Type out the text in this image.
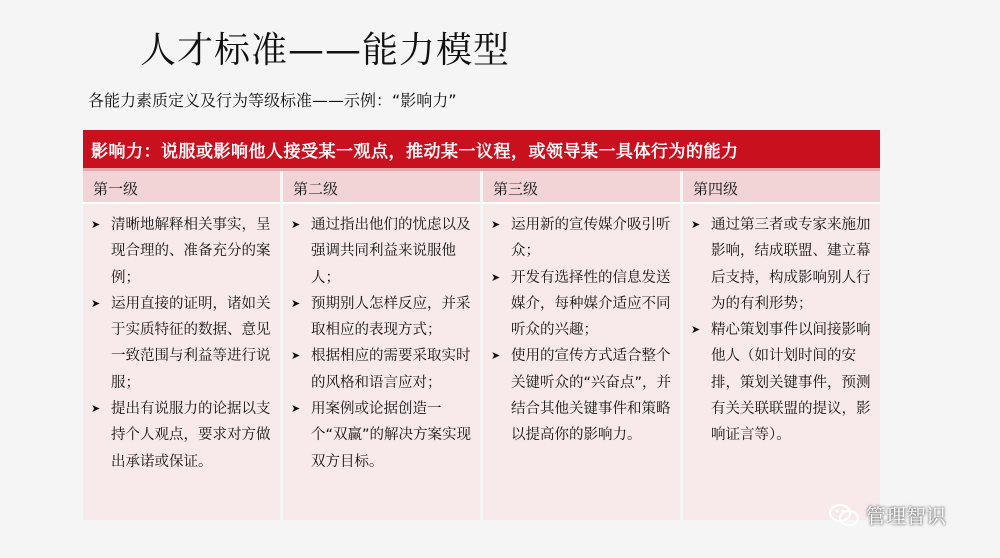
人才标准——能力模型
各能力素质定义及行为等级标准——示例：“影响力”
影响力：说服或影响他人接受某一观点，推动某一议程，或领导某一具体行为的能力
第一级
➤ 清晰地解释相关事实，呈现合理的、准备充分的案例；
➤ 运用直接的证明，诸如关于实质特征的数据、意见一致范围与利益等进行说服；
➤ 提出有说服力的论据以支持个人观点，要求对方做出承诺或保证。
第二级
➤ 通过指出他们的忧虑以及强调共同利益来说服他人；
➤ 预期别人怎样反应，并采取相应的表现方式；
➤ 根据相应的需要采取实时的风格和语言应对；
➤ 用案例或论据创造一个“双赢”的解决方案实现双方目标。
第三级
➤ 运用新的宣传媒介吸引听众；
➤ 开发有选择性的信息发送媒介，每种媒介适应不同听众的兴趣；
➤ 使用的宣传方式适合整个关键听众的“兴奋点”，并结合其他关键事件和策略以提高你的影响力。
第四级
➤ 通过第三者或专家来施加影响，结成联盟、建立幕后支持，构成影响别人行为的有利形势；
➤ 精心策划事件以间接影响他人（如计划时间的安排，策划关键事件，预测有关关联联盟的提议，影响证言等）。
管理智识
